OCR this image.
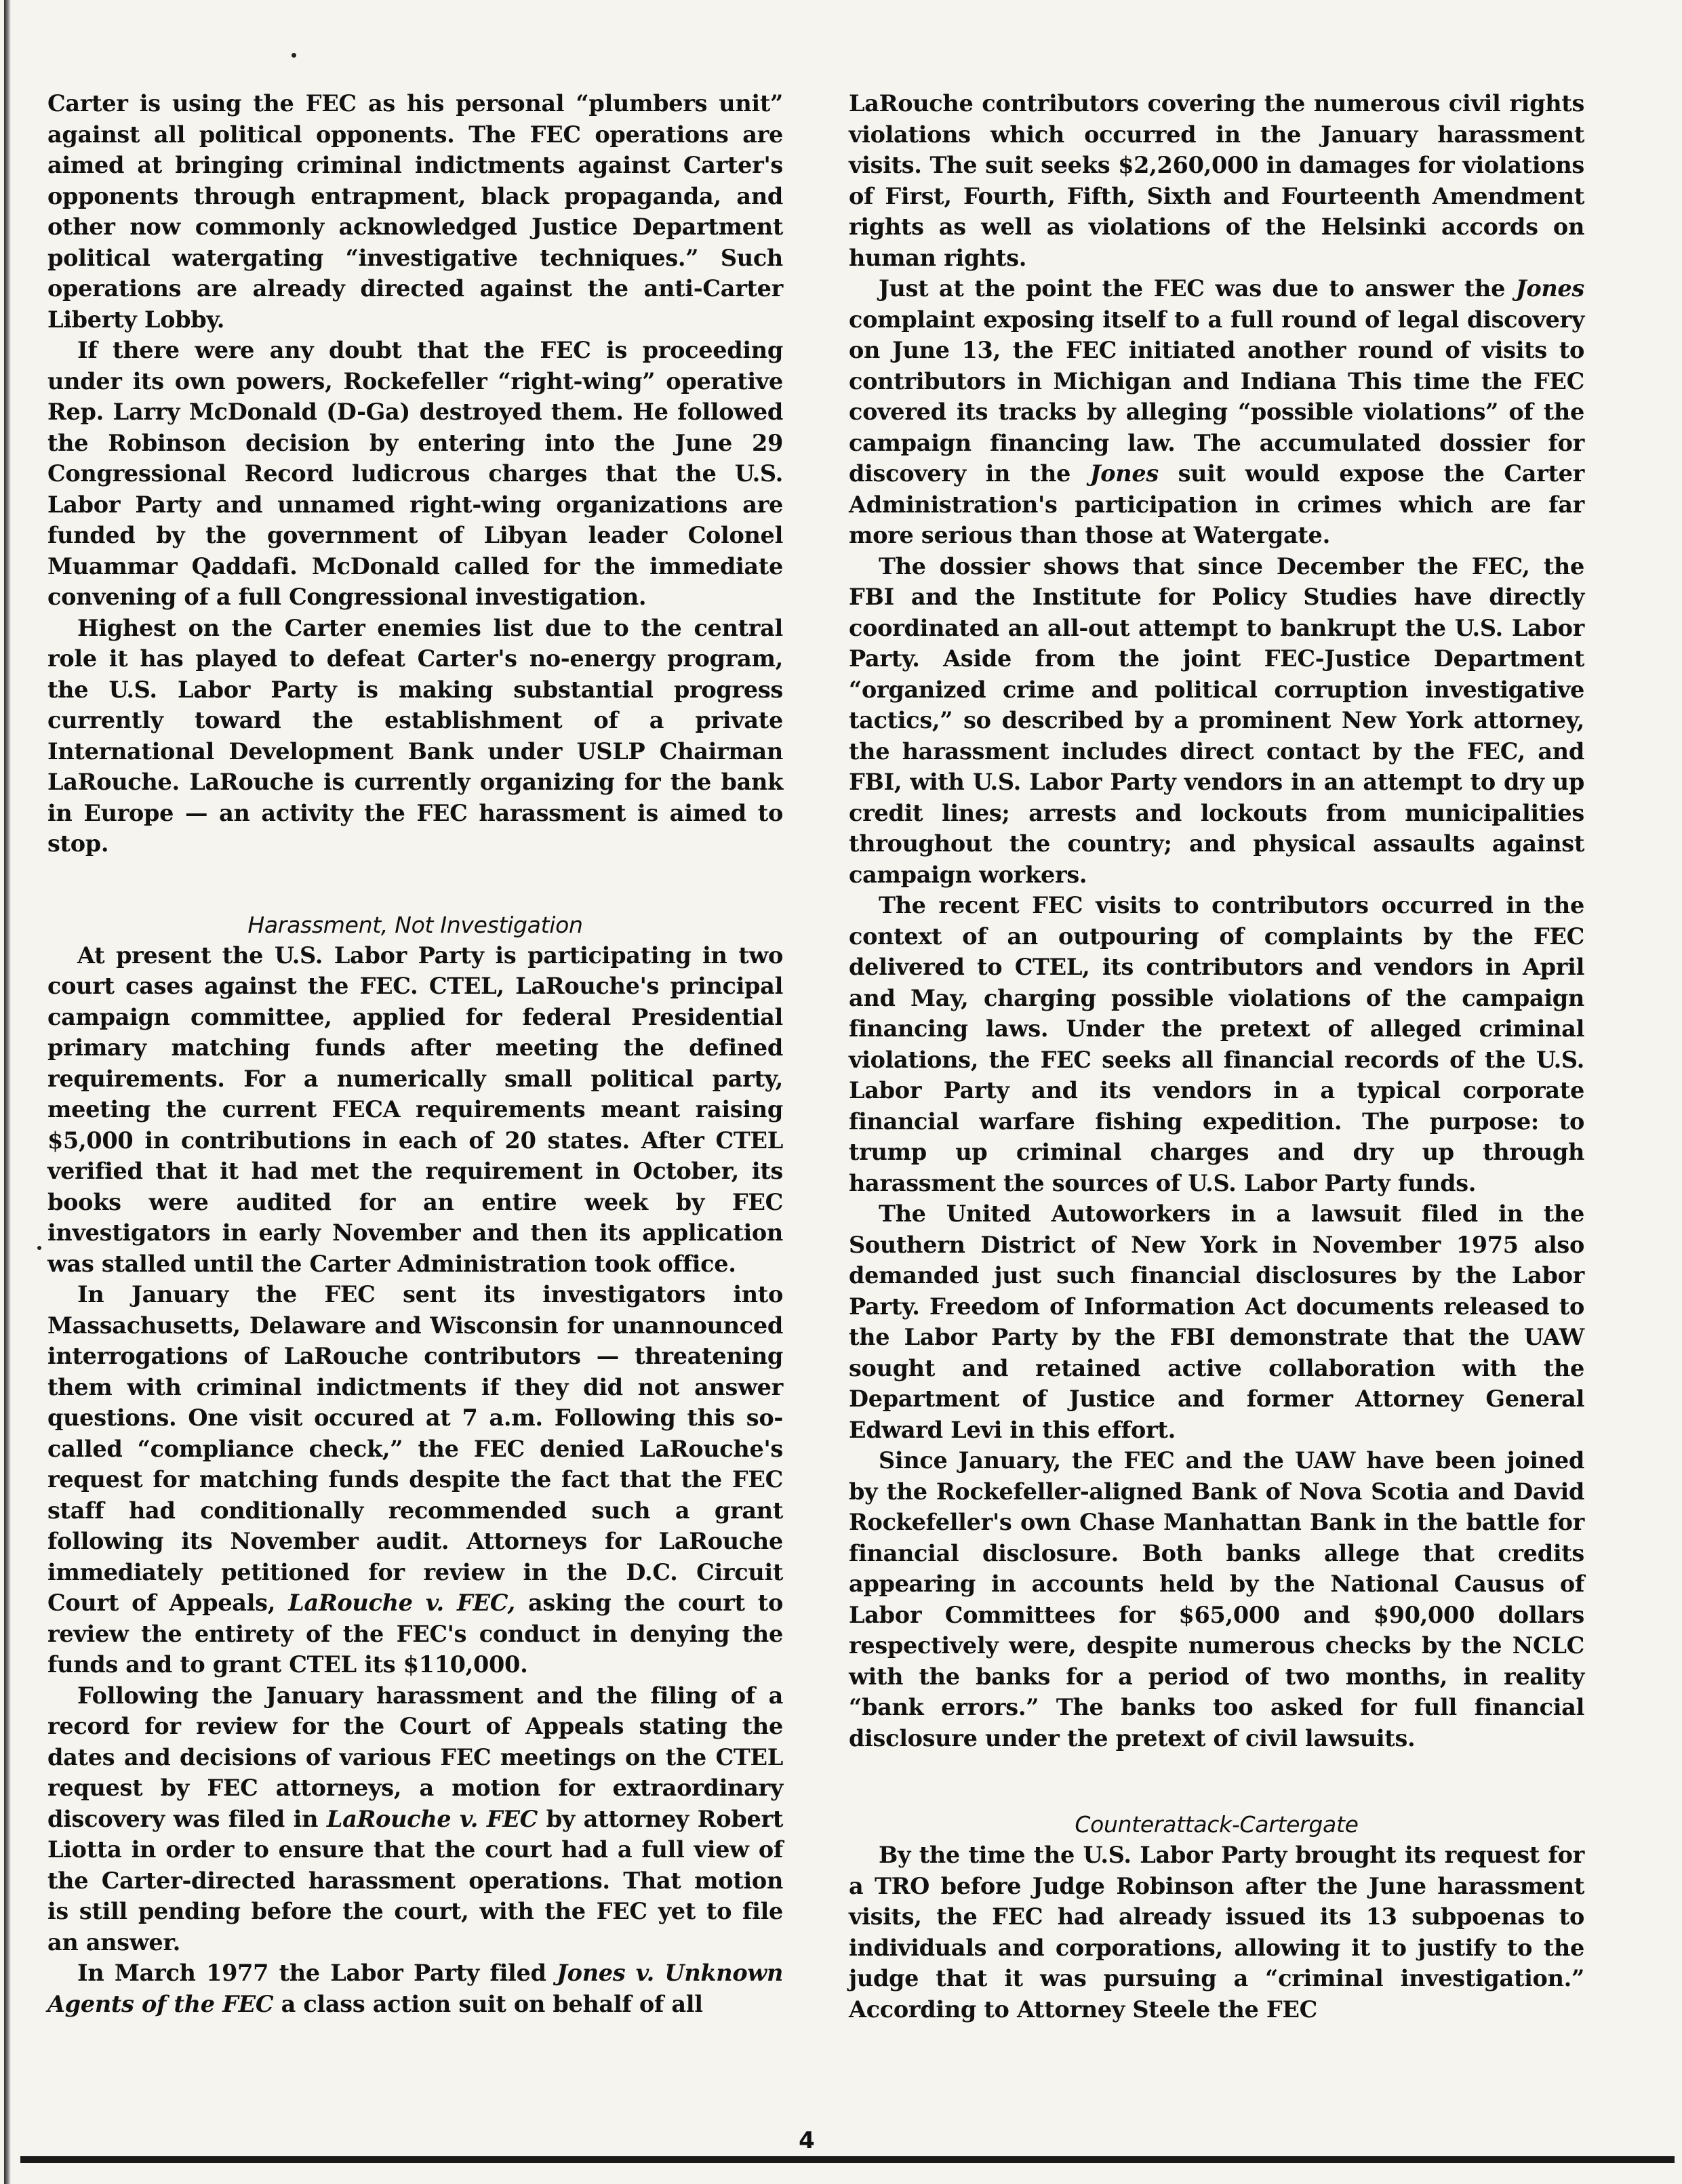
Carter is using the FEC as his personal “plumbers unit” against all political opponents. The FEC operations are aimed at bringing criminal indictments against Carter's opponents through entrapment, black propaganda, and other now commonly acknowledged Justice Department political watergating “investigative techniques.” Such operations are already directed against the anti-Carter Liberty Lobby.

If there were any doubt that the FEC is proceeding under its own powers, Rockefeller “right-wing” operative Rep. Larry McDonald (D-Ga) destroyed them. He followed the Robinson decision by entering into the June 29 Congressional Record ludicrous charges that the U.S. Labor Party and unnamed right-wing organizations are funded by the government of Libyan leader Colonel Muammar Qaddafi. McDonald called for the immediate convening of a full Congressional investigation.

Highest on the Carter enemies list due to the central role it has played to defeat Carter's no-energy program, the U.S. Labor Party is making substantial progress currently toward the establishment of a private International Development Bank under USLP Chairman LaRouche. LaRouche is currently organizing for the bank in Europe — an activity the FEC harassment is aimed to stop.

Harassment, Not Investigation

At present the U.S. Labor Party is participating in two court cases against the FEC. CTEL, LaRouche's principal campaign committee, applied for federal Presidential primary matching funds after meeting the defined requirements. For a numerically small political party, meeting the current FECA requirements meant raising $5,000 in contributions in each of 20 states. After CTEL verified that it had met the requirement in October, its books were audited for an entire week by FEC investigators in early November and then its application was stalled until the Carter Administration took office.

In January the FEC sent its investigators into Massachusetts, Delaware and Wisconsin for unannounced interrogations of LaRouche contributors — threatening them with criminal indictments if they did not answer questions. One visit occured at 7 a.m. Following this so-called “compliance check,” the FEC denied LaRouche's request for matching funds despite the fact that the FEC staff had conditionally recommended such a grant following its November audit. Attorneys for LaRouche immediately petitioned for review in the D.C. Circuit Court of Appeals, LaRouche v. FEC, asking the court to review the entirety of the FEC's conduct in denying the funds and to grant CTEL its $110,000.

Following the January harassment and the filing of a record for review for the Court of Appeals stating the dates and decisions of various FEC meetings on the CTEL request by FEC attorneys, a motion for extraordinary discovery was filed in LaRouche v. FEC by attorney Robert Liotta in order to ensure that the court had a full view of the Carter-directed harassment operations. That motion is still pending before the court, with the FEC yet to file an answer.

In March 1977 the Labor Party filed Jones v. Unknown Agents of the FEC a class action suit on behalf of all

LaRouche contributors covering the numerous civil rights violations which occurred in the January harassment visits. The suit seeks $2,260,000 in damages for violations of First, Fourth, Fifth, Sixth and Fourteenth Amendment rights as well as violations of the Helsinki accords on human rights.

Just at the point the FEC was due to answer the Jones complaint exposing itself to a full round of legal discovery on June 13, the FEC initiated another round of visits to contributors in Michigan and Indiana This time the FEC covered its tracks by alleging “possible violations” of the campaign financing law. The accumulated dossier for discovery in the Jones suit would expose the Carter Administration's participation in crimes which are far more serious than those at Watergate.

The dossier shows that since December the FEC, the FBI and the Institute for Policy Studies have directly coordinated an all-out attempt to bankrupt the U.S. Labor Party. Aside from the joint FEC-Justice Department “organized crime and political corruption investigative tactics,” so described by a prominent New York attorney, the harassment includes direct contact by the FEC, and FBI, with U.S. Labor Party vendors in an attempt to dry up credit lines; arrests and lockouts from municipalities throughout the country; and physical assaults against campaign workers.

The recent FEC visits to contributors occurred in the context of an outpouring of complaints by the FEC delivered to CTEL, its contributors and vendors in April and May, charging possible violations of the campaign financing laws. Under the pretext of alleged criminal violations, the FEC seeks all financial records of the U.S. Labor Party and its vendors in a typical corporate financial warfare fishing expedition. The purpose: to trump up criminal charges and dry up through harassment the sources of U.S. Labor Party funds.

The United Autoworkers in a lawsuit filed in the Southern District of New York in November 1975 also demanded just such financial disclosures by the Labor Party. Freedom of Information Act documents released to the Labor Party by the FBI demonstrate that the UAW sought and retained active collaboration with the Department of Justice and former Attorney General Edward Levi in this effort.

Since January, the FEC and the UAW have been joined by the Rockefeller-aligned Bank of Nova Scotia and David Rockefeller's own Chase Manhattan Bank in the battle for financial disclosure. Both banks allege that credits appearing in accounts held by the National Causus of Labor Committees for $65,000 and $90,000 dollars respectively were, despite numerous checks by the NCLC with the banks for a period of two months, in reality “bank errors.” The banks too asked for full financial disclosure under the pretext of civil lawsuits.

Counterattack-Cartergate

By the time the U.S. Labor Party brought its request for a TRO before Judge Robinson after the June harassment visits, the FEC had already issued its 13 subpoenas to individuals and corporations, allowing it to justify to the judge that it was pursuing a “criminal investigation.” According to Attorney Steele the FEC

4
